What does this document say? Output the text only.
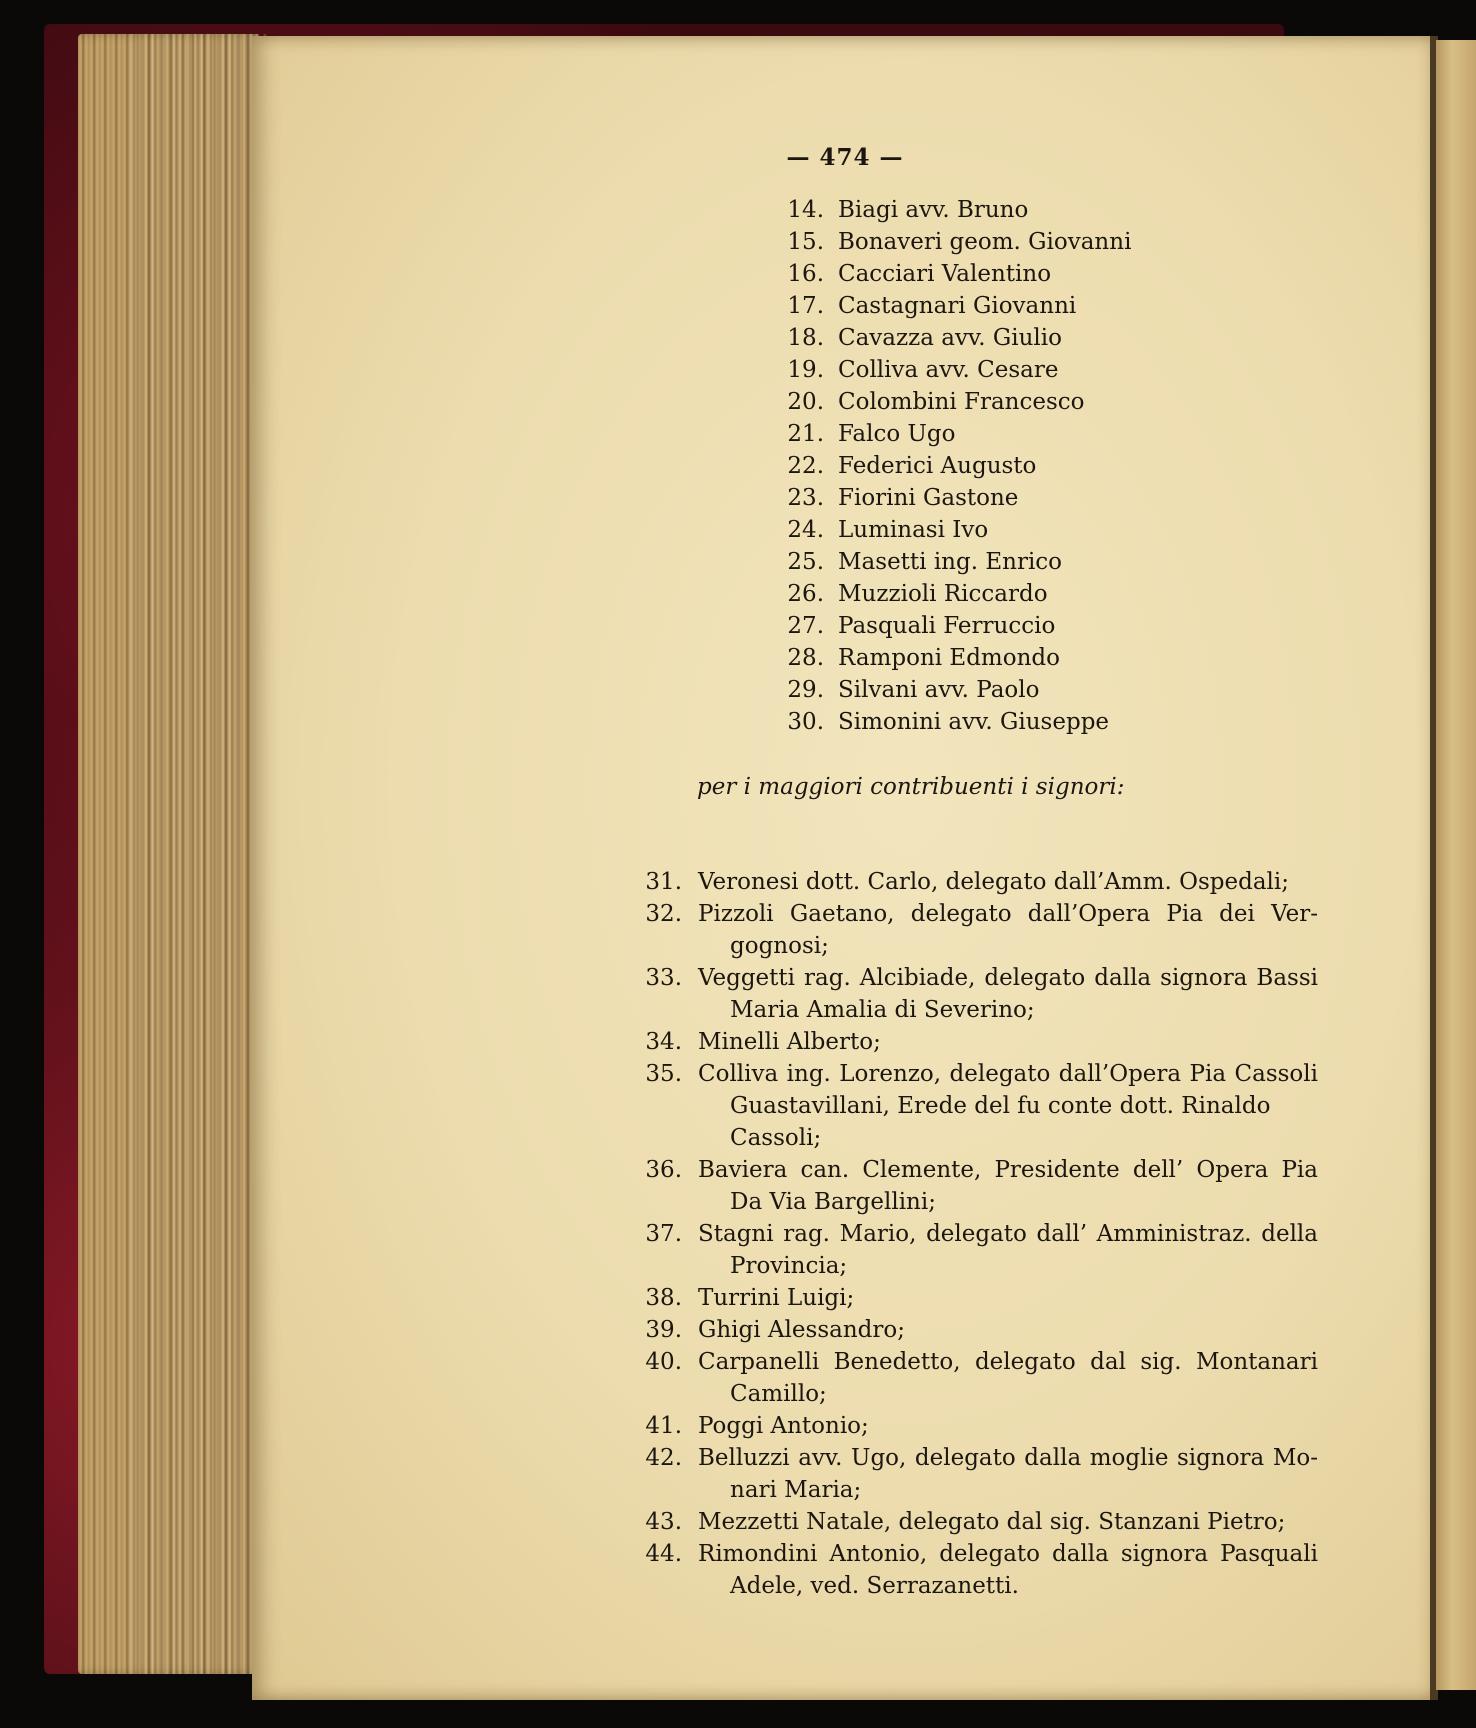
— 474 —
14. Biagi avv. Bruno
15. Bonaveri geom. Giovanni
16. Cacciari Valentino
17. Castagnari Giovanni
18. Cavazza avv. Giulio
19. Colliva avv. Cesare
20. Colombini Francesco
21. Falco Ugo
22. Federici Augusto
23. Fiorini Gastone
24. Luminasi Ivo
25. Masetti ing. Enrico
26. Muzzioli Riccardo
27. Pasquali Ferruccio
28. Ramponi Edmondo
29. Silvani avv. Paolo
30. Simonini avv. Giuseppe
per i maggiori contribuenti i signori:
31. Veronesi dott. Carlo, delegato dall’Amm. Ospedali;
32. Pizzoli Gaetano, delegato dall’Opera Pia dei Ver-
gognosi;
33. Veggetti rag. Alcibiade, delegato dalla signora Bassi
Maria Amalia di Severino;
34. Minelli Alberto;
35. Colliva ing. Lorenzo, delegato dall’Opera Pia Cassoli
Guastavillani, Erede del fu conte dott. Rinaldo
Cassoli;
36. Baviera can. Clemente, Presidente dell’ Opera Pia
Da Via Bargellini;
37. Stagni rag. Mario, delegato dall’ Amministraz. della
Provincia;
38. Turrini Luigi;
39. Ghigi Alessandro;
40. Carpanelli Benedetto, delegato dal sig. Montanari
Camillo;
41. Poggi Antonio;
42. Belluzzi avv. Ugo, delegato dalla moglie signora Mo-
nari Maria;
43. Mezzetti Natale, delegato dal sig. Stanzani Pietro;
44. Rimondini Antonio, delegato dalla signora Pasquali
Adele, ved. Serrazanetti.
